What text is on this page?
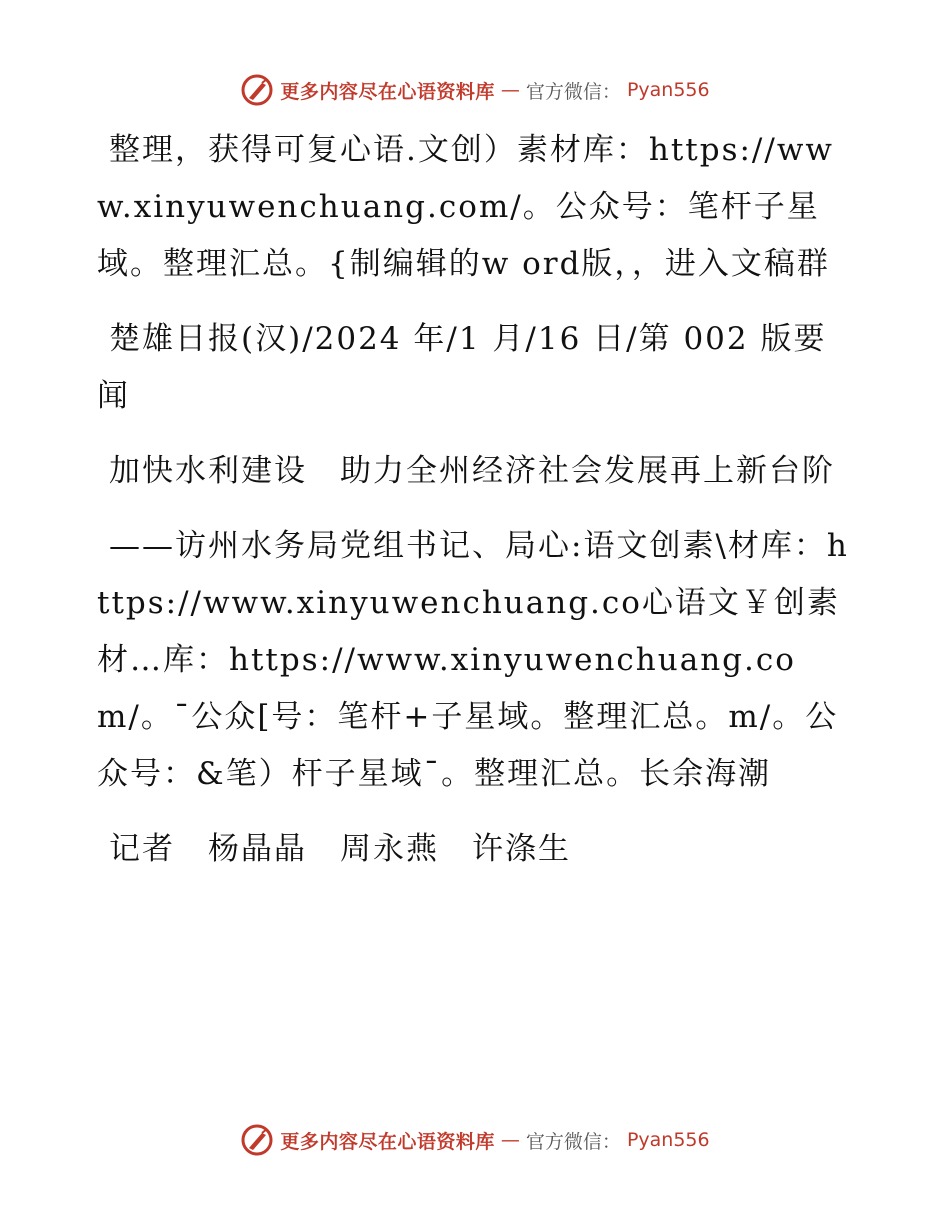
更多内容尽在心语资料库 — 官方微信： Pyan556

整理，获得可复心语.文创）素材库：https://www.xinyuwenchuang.com/。公众号：笔杆子星域。整理汇总。{制编辑的w ord版，，进入文稿群

楚雄日报(汉)/2024 年/1 月/16 日/第 002 版要闻

加快水利建设　助力全州经济社会发展再上新台阶

——访州水务局党组书记、局心:语文创素\材库：https://www.xinyuwenchuang.co心语文￥创素材…库：https://www.xinyuwenchuang.com/。¯公众[号：笔杆+子星域。整理汇总。m/。公众号：&笔）杆子星域¯。整理汇总。长余海潮

记者　杨晶晶　周永燕　许涤生

更多内容尽在心语资料库 — 官方微信： Pyan556
